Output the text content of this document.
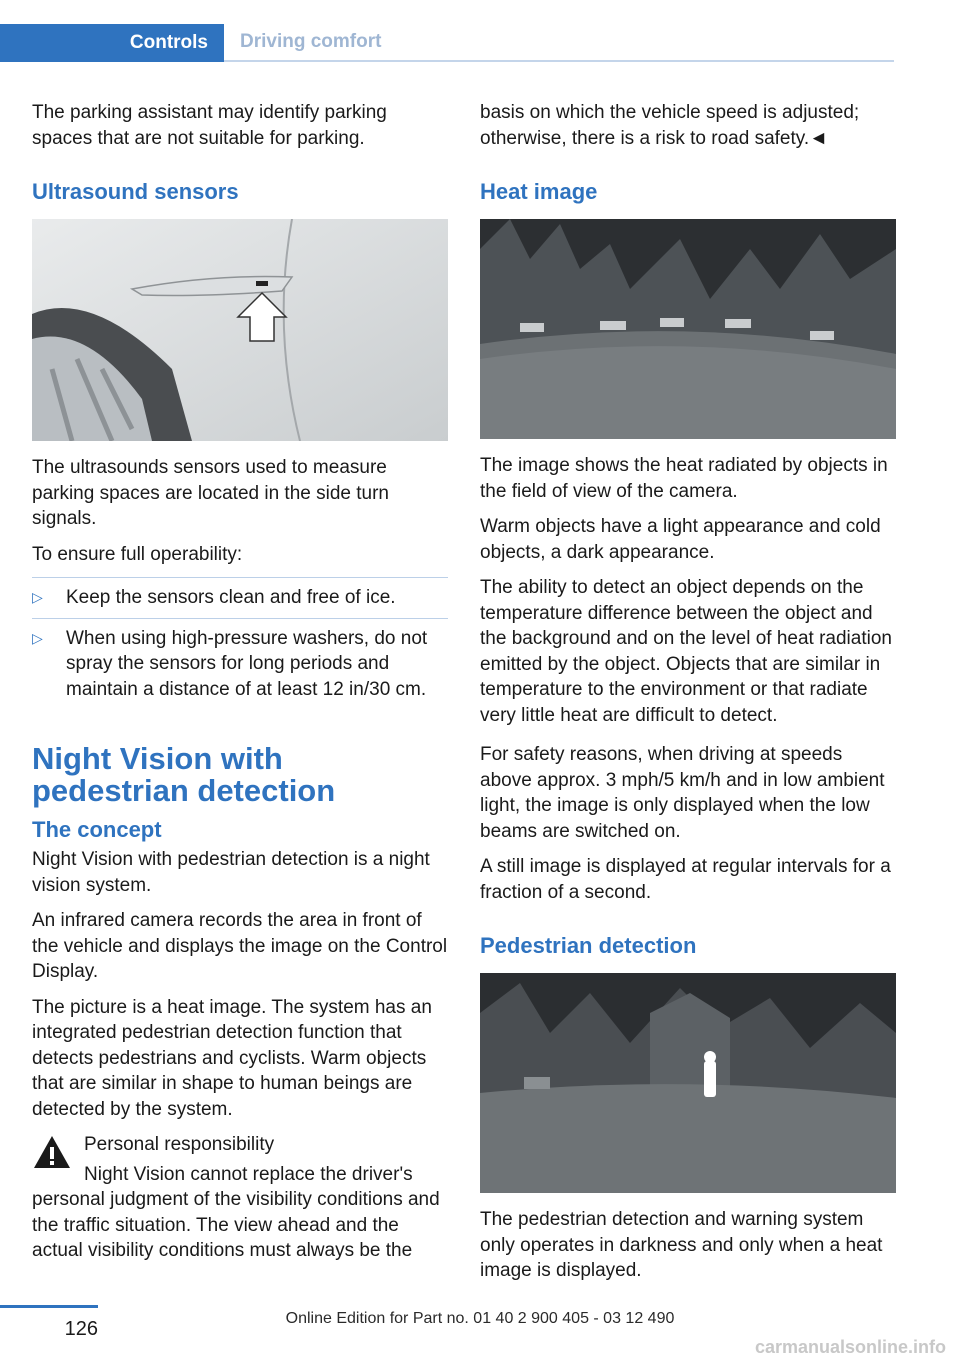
Controls	Driving comfort

The parking assistant may identify parking spaces that are not suitable for parking.

Ultrasound sensors

The ultrasounds sensors used to measure parking spaces are located in the side turn signals.

To ensure full operability:

▷	Keep the sensors clean and free of ice.
▷	When using high-pressure washers, do not spray the sensors for long periods and maintain a distance of at least 12 in/30 cm.
Night Vision with pedestrian detection
The concept

Night Vision with pedestrian detection is a night vision system.

An infrared camera records the area in front of the vehicle and displays the image on the Control Display.

The picture is a heat image. The system has an integrated pedestrian detection function that detects pedestrians and cyclists. Warm objects that are similar in shape to human beings are detected by the system.

Personal responsibility

Night Vision cannot replace the driver's

personal judgment of the visibility conditions and the traffic situation. The view ahead and the actual visibility conditions must always be the

basis on which the vehicle speed is adjusted; otherwise, there is a risk to road safety.◄

Heat image

The image shows the heat radiated by objects in the field of view of the camera.

Warm objects have a light appearance and cold objects, a dark appearance.

The ability to detect an object depends on the temperature difference between the object and the background and on the level of heat radiation emitted by the object. Objects that are similar in temperature to the environment or that radiate very little heat are difficult to detect.

For safety reasons, when driving at speeds above approx. 3 mph/5 km/h and in low ambient light, the image is only displayed when the low beams are switched on.

A still image is displayed at regular intervals for a fraction of a second.

Pedestrian detection

The pedestrian detection and warning system only operates in darkness and only when a heat image is displayed.

126	Online Edition for Part no. 01 40 2 900 405 - 03 12 490
carmanualsonline.info
